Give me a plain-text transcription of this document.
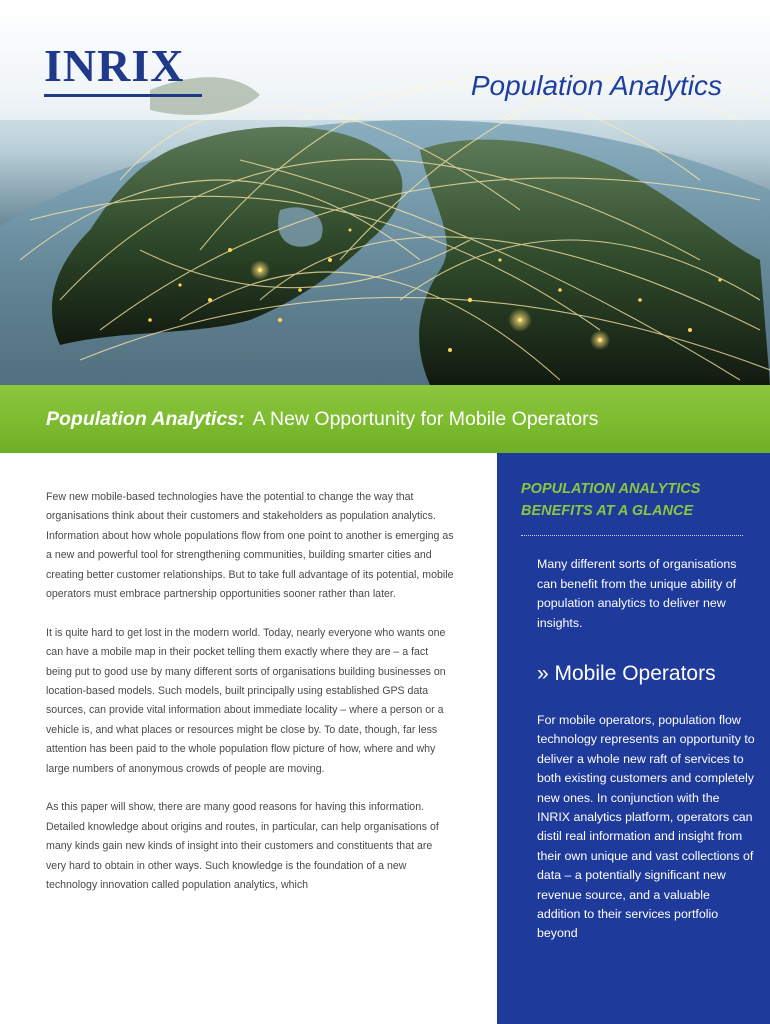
INRIX	Population Analytics
Population Analytics: A New Opportunity for Mobile Operators

Few new mobile-based technologies have the potential to change the way that organisations think about their customers and stakeholders as population analytics. Information about how whole populations flow from one point to another is emerging as a new and powerful tool for strengthening communities, building smarter cities and creating better customer relationships. But to take full advantage of its potential, mobile operators must embrace partnership opportunities sooner rather than later.

It is quite hard to get lost in the modern world. Today, nearly everyone who wants one can have a mobile map in their pocket telling them exactly where they are – a fact being put to good use by many different sorts of organisations building businesses on location-based models. Such models, built principally using established GPS data sources, can provide vital information about immediate locality – where a person or a vehicle is, and what places or resources might be close by. To date, though, far less attention has been paid to the whole population flow picture of how, where and why large numbers of anonymous crowds of people are moving.

As this paper will show, there are many good reasons for having this information. Detailed knowledge about origins and routes, in particular, can help organisations of many kinds gain new kinds of insight into their customers and constituents that are very hard to obtain in other ways. Such knowledge is the foundation of a new technology innovation called population analytics, which

POPULATION ANALYTICS BENEFITS AT A GLANCE
Many different sorts of organisations can benefit from the unique ability of population analytics to deliver new insights.
» Mobile Operators
For mobile operators, population flow technology represents an opportunity to deliver a whole new raft of services to both existing customers and completely new ones. In conjunction with the INRIX analytics platform, operators can distil real information and insight from their own unique and vast collections of data – a potentially significant new revenue source, and a valuable addition to their services portfolio beyond
